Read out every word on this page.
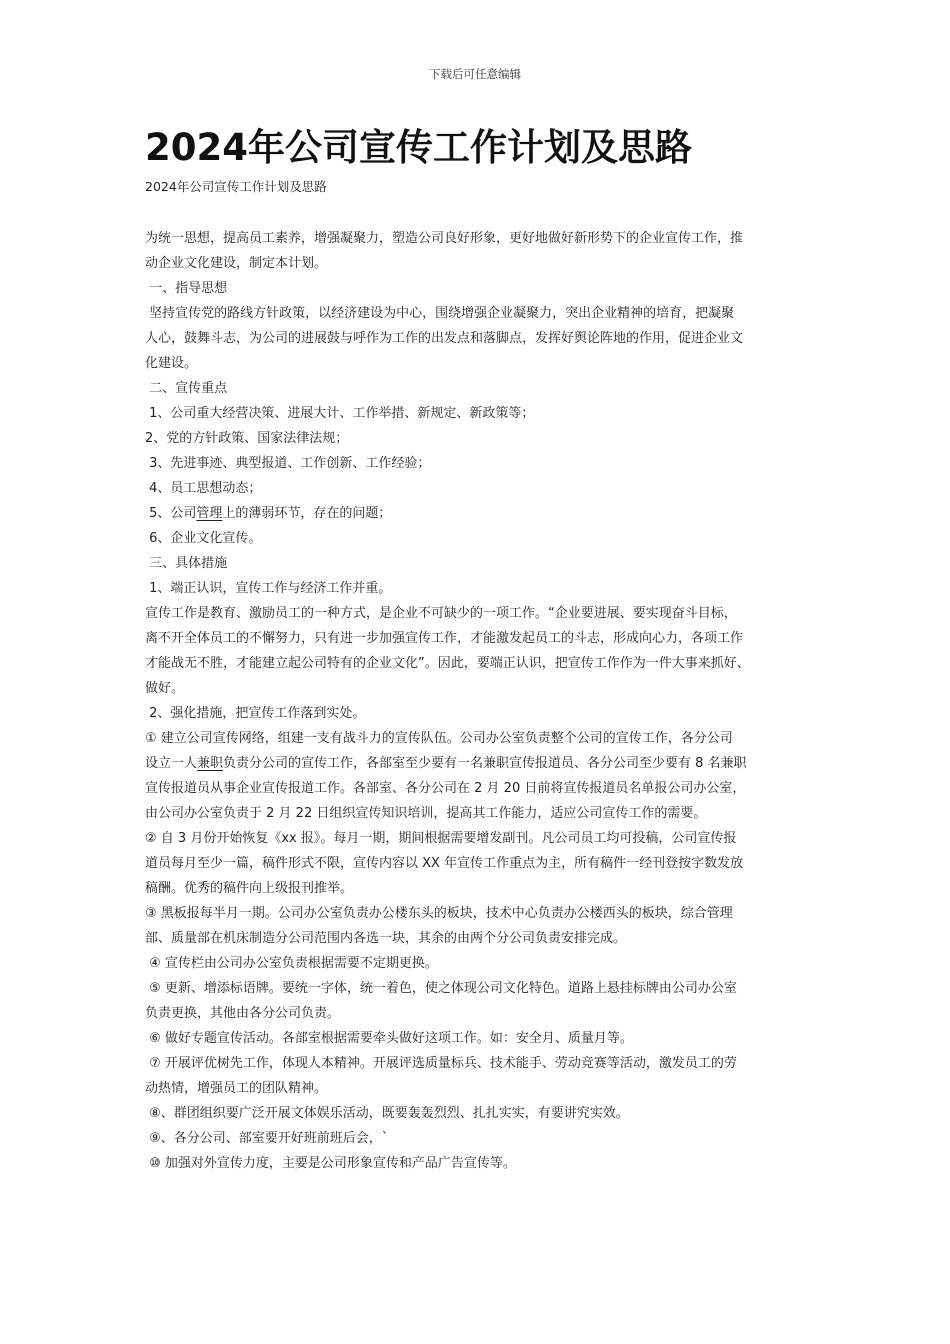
下载后可任意编辑
2024年公司宣传工作计划及思路
2024年公司宣传工作计划及思路
为统一思想，提高员工素养，增强凝聚力，塑造公司良好形象，更好地做好新形势下的企业宣传工作，推
动企业文化建设，制定本计划。
一、指导思想
坚持宣传党的路线方针政策，以经济建设为中心，围绕增强企业凝聚力，突出企业精神的培育，把凝聚
人心，鼓舞斗志，为公司的进展鼓与呼作为工作的出发点和落脚点，发挥好舆论阵地的作用，促进企业文
化建设。
二、宣传重点
1、公司重大经营决策、进展大计、工作举措、新规定、新政策等；
2、党的方针政策、国家法律法规；
3、先进事迹、典型报道、工作创新、工作经验；
4、员工思想动态；
5、公司管理上的薄弱环节，存在的问题；
6、企业文化宣传。
三、具体措施
1、端正认识，宣传工作与经济工作并重。
宣传工作是教育、激励员工的一种方式，是企业不可缺少的一项工作。“企业要进展、要实现奋斗目标，
离不开全体员工的不懈努力，只有进一步加强宣传工作，才能激发起员工的斗志，形成向心力，各项工作
才能战无不胜，才能建立起公司特有的企业文化”。因此，要端正认识，把宣传工作作为一件大事来抓好、
做好。
2、强化措施，把宣传工作落到实处。
① 建立公司宣传网络，组建一支有战斗力的宣传队伍。公司办公室负责整个公司的宣传工作，各分公司
设立一人兼职负责分公司的宣传工作，各部室至少要有一名兼职宣传报道员、各分公司至少要有 8 名兼职
宣传报道员从事企业宣传报道工作。各部室、各分公司在 2 月 20 日前将宣传报道员名单报公司办公室，
由公司办公室负责于 2 月 22 日组织宣传知识培训，提高其工作能力，适应公司宣传工作的需要。
② 自 3 月份开始恢复《xx 报》。每月一期，期间根据需要增发副刊。凡公司员工均可投稿，公司宣传报
道员每月至少一篇，稿件形式不限，宣传内容以 XX 年宣传工作重点为主，所有稿件一经刊登按字数发放
稿酬。优秀的稿件向上级报刊推举。
③ 黑板报每半月一期。公司办公室负责办公楼东头的板块，技术中心负责办公楼西头的板块，综合管理
部、质量部在机床制造分公司范围内各选一块，其余的由两个分公司负责安排完成。
④ 宣传栏由公司办公室负责根据需要不定期更换。
⑤ 更新、增添标语牌。要统一字体，统一着色，使之体现公司文化特色。道路上悬挂标牌由公司办公室
负责更换，其他由各分公司负责。
⑥ 做好专题宣传活动。各部室根据需要牵头做好这项工作。如：安全月、质量月等。
⑦ 开展评优树先工作，体现人本精神。开展评选质量标兵、技术能手、劳动竞赛等活动，激发员工的劳
动热情，增强员工的团队精神。
⑧、群团组织要广泛开展文体娱乐活动，既要轰轰烈烈、扎扎实实，有要讲究实效。
⑨、各分公司、部室要开好班前班后会，`
⑩ 加强对外宣传力度，主要是公司形象宣传和产品广告宣传等。
